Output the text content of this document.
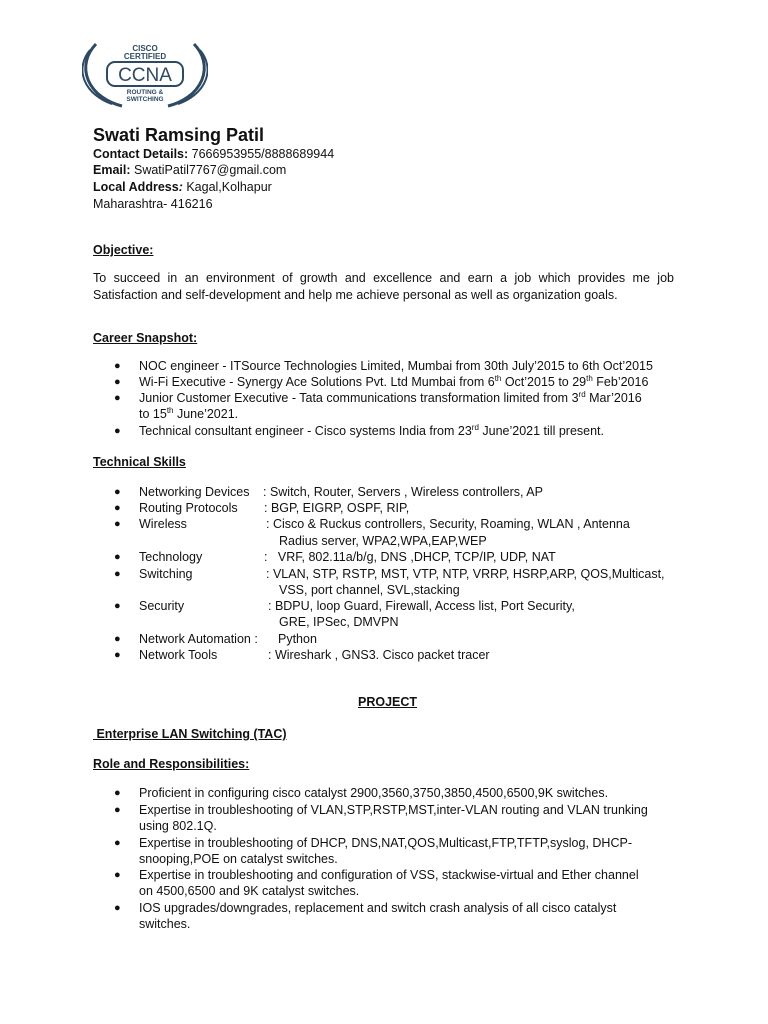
CISCO
CERTIFIED
CCNA
ROUTING &
SWITCHING
Swati Ramsing Patil
Contact Details: 7666953955/8888689944
Email: SwatiPatil7767@gmail.com
Local Address: Kagal,Kolhapur
Maharashtra- 416216
Objective:
To succeed in an environment of growth and excellence and earn a job which provides me job Satisfaction and self-development and help me achieve personal as well as organization goals.
Career Snapshot:
● NOC engineer - ITSource Technologies Limited, Mumbai from 30th July’2015 to 6th Oct’2015
● Wi-Fi Executive - Synergy Ace Solutions Pvt. Ltd Mumbai from 6th Oct’2015 to 29th Feb’2016
● Junior Customer Executive - Tata communications transformation limited from 3rd Mar’2016
to 15th June’2021.
● Technical consultant engineer - Cisco systems India from 23rd June’2021 till present.
Technical Skills
● Networking Devices : Switch, Router, Servers , Wireless controllers, AP
● Routing Protocols : BGP, EIGRP, OSPF, RIP,
● Wireless	: Cisco & Ruckus controllers, Security, Roaming, WLAN , Antenna
Radius server, WPA2,WPA,EAP,WEP
● Technology	:   VRF, 802.11a/b/g, DNS ,DHCP, TCP/IP, UDP, NAT
● Switching	: VLAN, STP, RSTP, MST, VTP, NTP, VRRP, HSRP,ARP, QOS,Multicast,
VSS, port channel, SVL,stacking
● Security	: BDPU, loop Guard, Firewall, Access list, Port Security,
GRE, IPSec, DMVPN
● Network Automation : Python
● Network Tools	: Wireshark , GNS3. Cisco packet tracer
PROJECT
Enterprise LAN Switching (TAC)
Role and Responsibilities:
● Proficient in configuring cisco catalyst 2900,3560,3750,3850,4500,6500,9K switches.
● Expertise in troubleshooting of VLAN,STP,RSTP,MST,inter-VLAN routing and VLAN trunking
using 802.1Q.
● Expertise in troubleshooting of DHCP, DNS,NAT,QOS,Multicast,FTP,TFTP,syslog, DHCP-
snooping,POE on catalyst switches.
● Expertise in troubleshooting and configuration of VSS, stackwise-virtual and Ether channel
on 4500,6500 and 9K catalyst switches.
● IOS upgrades/downgrades, replacement and switch crash analysis of all cisco catalyst
switches.
